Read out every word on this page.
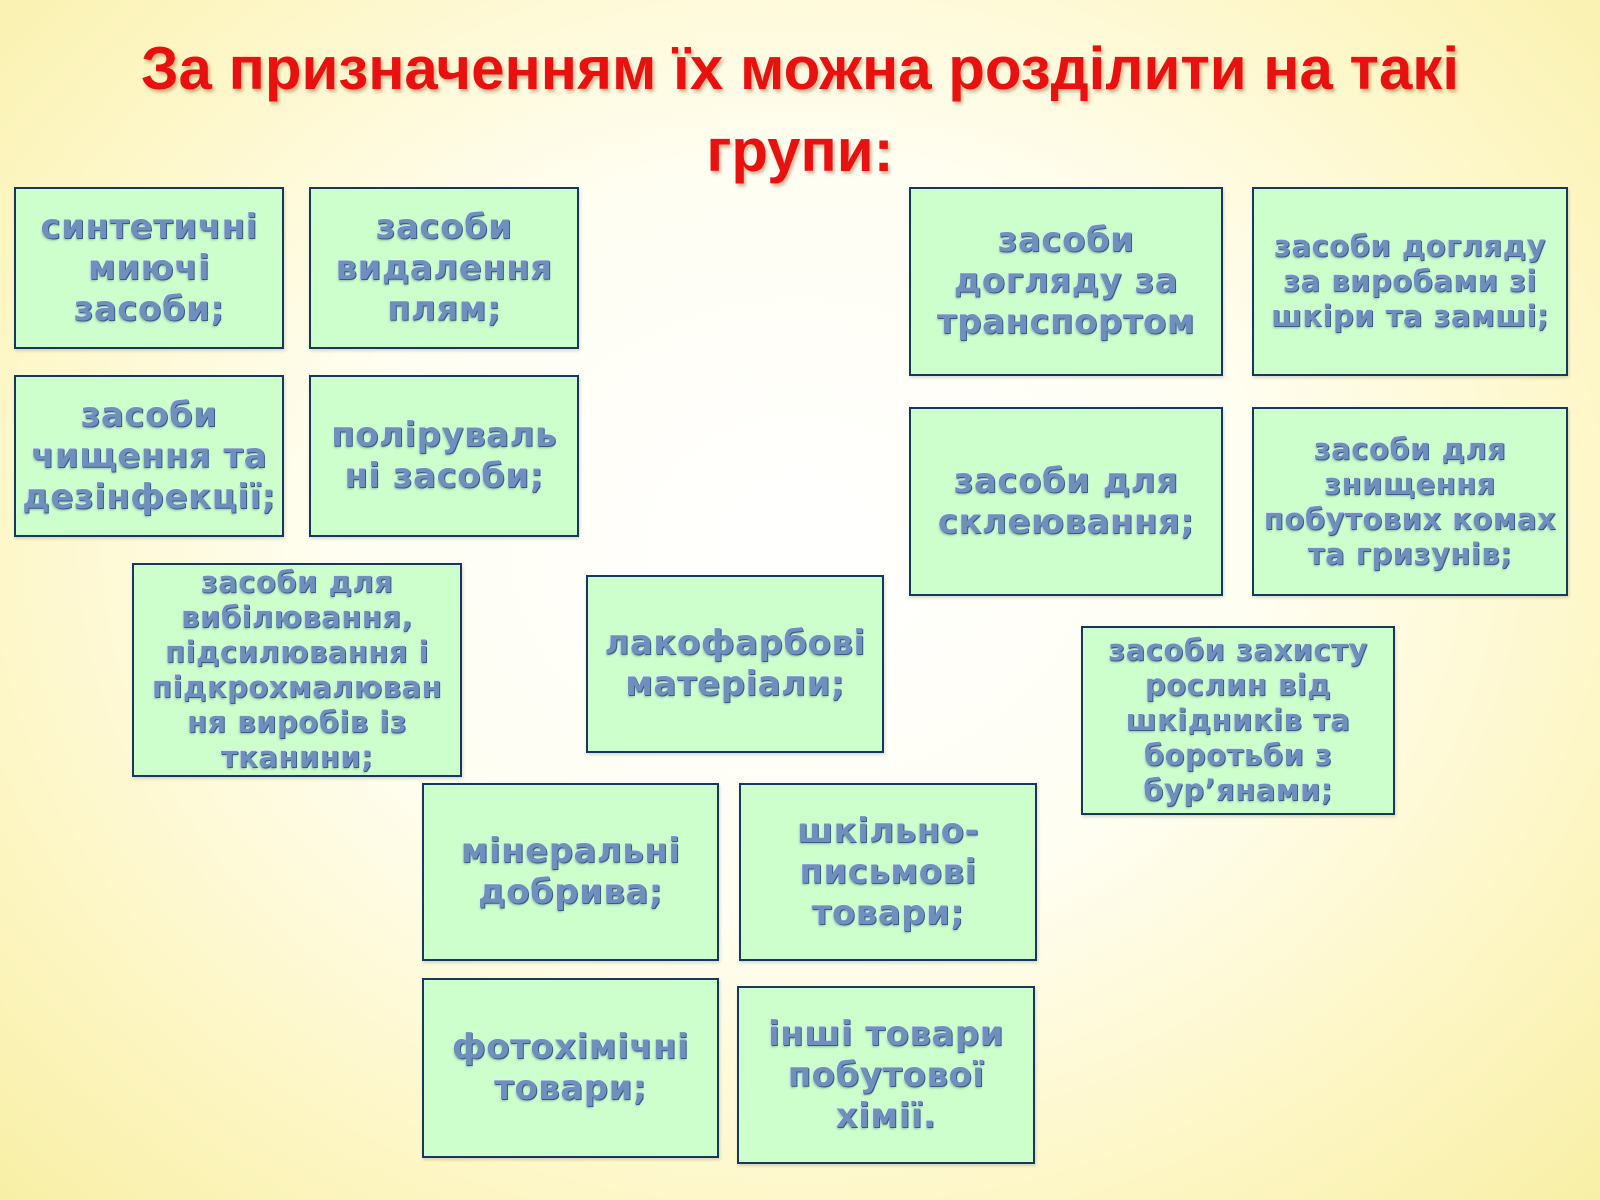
За призначенням їх можна розділити на такі групи:
синтетичні миючі засоби;
засоби видалення плям;
засоби чищення та дезінфекції;
поліруваль ні засоби;
засоби для вибілювання, підсилювання і підкрохмалюван ня виробів із тканини;
лакофарбові матеріали;
мінеральні добрива;
шкільно- письмові товари;
фотохімічні товари;
інші товари побутової хімії.
засоби догляду за транспортом
засоби догляду за виробами зі шкіри та замші;
засоби для склеювання;
засоби для знищення побутових комах та гризунів;
засоби захисту рослин від шкідників та боротьби з бур’янами;
